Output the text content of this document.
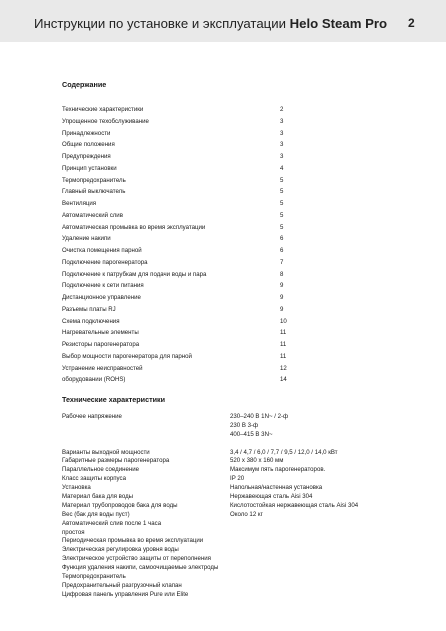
Инструкции по установке и эксплуатации Helo Steam Pro 2
Содержание
Технические характеристики	2
Упрощенное техобслуживание	3
Принадлежности	3
Общие положения	3
Предупреждения	3
Принцип установки	4
Термопредохранитель	5
Главный выключатель	5
Вентиляция	5
Автоматический слив	5
Автоматическая промывка во время эксплуатации	5
Удаление накипи	6
Очистка помещения парной	6
Подключение парогенератора	7
Подключение к патрубкам для подачи воды и пара	8
Подключение к сети питания	9
Дистанционное управление	9
Разъемы платы RJ	9
Схема подключения	10
Нагревательные элементы	11
Резисторы парогенератора	11
Выбор мощности парогенератора для парной	11
Устранение неисправностей	12
оборудовании (ROHS)	14
Технические характеристики
Рабочее напряжение	230–240 В 1N~ / 2-ф
230 В 3-ф
400–415 В 3N~
Варианты выходной мощности	3,4 / 4,7 / 6,0 / 7,7 / 9,5 / 12,0 / 14,0 кВт
Габаритные размеры парогенератора	520 x 380 x 160 мм
Параллельное соединение	Максимум пять парогенераторов.
Класс защиты корпуса	IP 20
Установка	Напольная/настенная установка
Материал бака для воды	Нержавеющая сталь Aisi 304
Материал трубопроводов бака для воды	Кислотостойкая нержавеющая сталь Aisi 304
Вес (бак для воды пуст)	Около 12 кг
Автоматический слив после 1 часа
простоя
Периодическая промывка во время эксплуатации
Электрическая регулировка уровня воды
Электрическое устройство защиты от переполнения
Функция удаления накипи, самоочищаемые электроды
Термопредохранитель
Предохранительный разгрузочный клапан
Цифровая панель управления Pure или Elite
